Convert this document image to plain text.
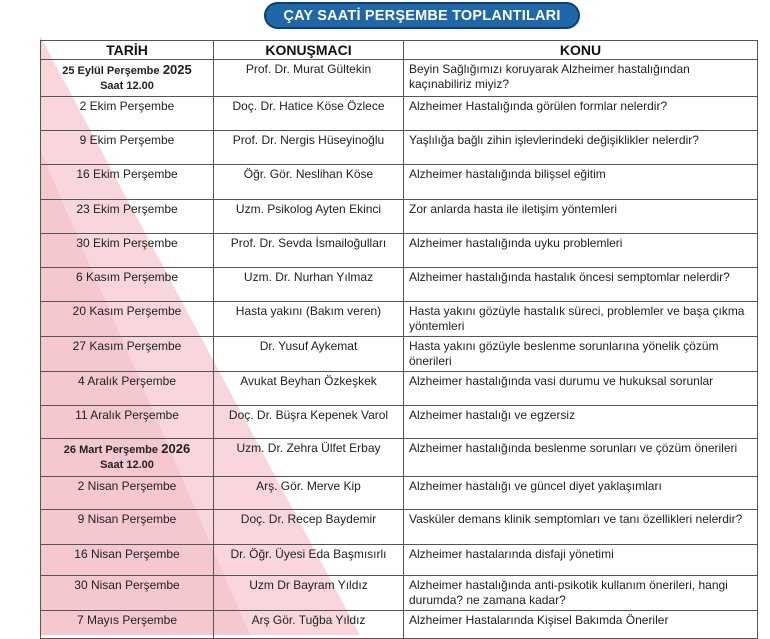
ÇAY SAATİ PERŞEMBE TOPLANTILARI
TARİH	KONUŞMACI	KONU
25 Eylül Perşembe 2025
Saat 12.00	Prof. Dr. Murat Gültekin	Beyin Sağlığımızı koruyarak Alzheimer hastalığından kaçınabiliriz miyiz?
2 Ekim Perşembe	Doç. Dr. Hatice Köse Özlece	Alzheimer Hastalığında görülen formlar nelerdir?
9 Ekim Perşembe	Prof. Dr. Nergis Hüseyinoğlu	Yaşlılığa bağlı zihin işlevlerindeki değişiklikler nelerdir?
16 Ekim Perşembe	Öğr. Gör. Neslihan Köse	Alzheimer hastalığında bilişsel eğitim
23 Ekim Perşembe	Uzm. Psikolog Ayten Ekinci	Zor anlarda hasta ile iletişim yöntemleri
30 Ekim Perşembe	Prof. Dr. Sevda İsmailoğulları	Alzheimer hastalığında uyku problemleri
6 Kasım Perşembe	Uzm. Dr. Nurhan Yılmaz	Alzheimer hastalığında hastalık öncesi semptomlar nelerdir?
20 Kasım Perşembe	Hasta yakını (Bakım veren)	Hasta yakını gözüyle hastalık süreci, problemler ve başa çıkma yöntemleri
27 Kasım Perşembe	Dr. Yusuf Aykemat	Hasta yakını gözüyle beslenme sorunlarına yönelik çözüm önerileri
4 Aralık Perşembe	Avukat Beyhan Özkeşkek	Alzheimer hastalığında vasi durumu ve hukuksal sorunlar
11 Aralık Perşembe	Doç. Dr. Büşra Kepenek Varol	Alzheimer hastalığı ve egzersiz
26 Mart Perşembe 2026
Saat 12.00	Uzm. Dr. Zehra Ülfet Erbay	Alzheimer hastalığında beslenme sorunları ve çözüm önerileri
2 Nisan Perşembe	Arş. Gör. Merve Kip	Alzheimer hastalığı ve güncel diyet yaklaşımları
9 Nisan Perşembe	Doç. Dr. Recep Baydemir	Vasküler demans klinik semptomları ve tanı özellikleri nelerdir?
16 Nisan Perşembe	Dr. Öğr. Üyesi Eda Başmısırlı	Alzheimer hastalarında disfaji yönetimi
30 Nisan Perşembe	Uzm Dr Bayram Yıldız	Alzheimer hastalığında anti-psikotik kullanım önerileri, hangi durumda? ne zamana kadar?
7 Mayıs Perşembe	Arş Gör. Tuğba Yıldız	Alzheimer Hastalarında Kişisel Bakımda Öneriler
